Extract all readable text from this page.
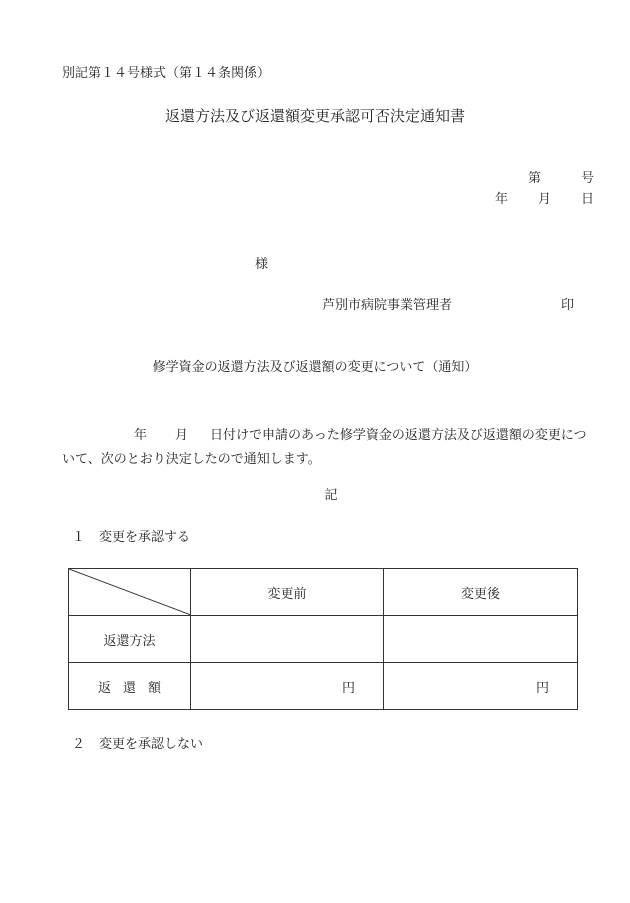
別記第１４号様式（第１４条関係）
返還方法及び返還額変更承認可否決定通知書
第	号
年 月 日
様
芦別市病院事業管理者	印
修学資金の返還方法及び返還額の変更について（通知）
年 月 日付けで申請のあった修学資金の返還方法及び返還額の変更について、次のとおり決定したので通知します。
記
１ 変更を承認する
	変更前	変更後
返還方法		
返還額	円	円
２ 変更を承認しない
